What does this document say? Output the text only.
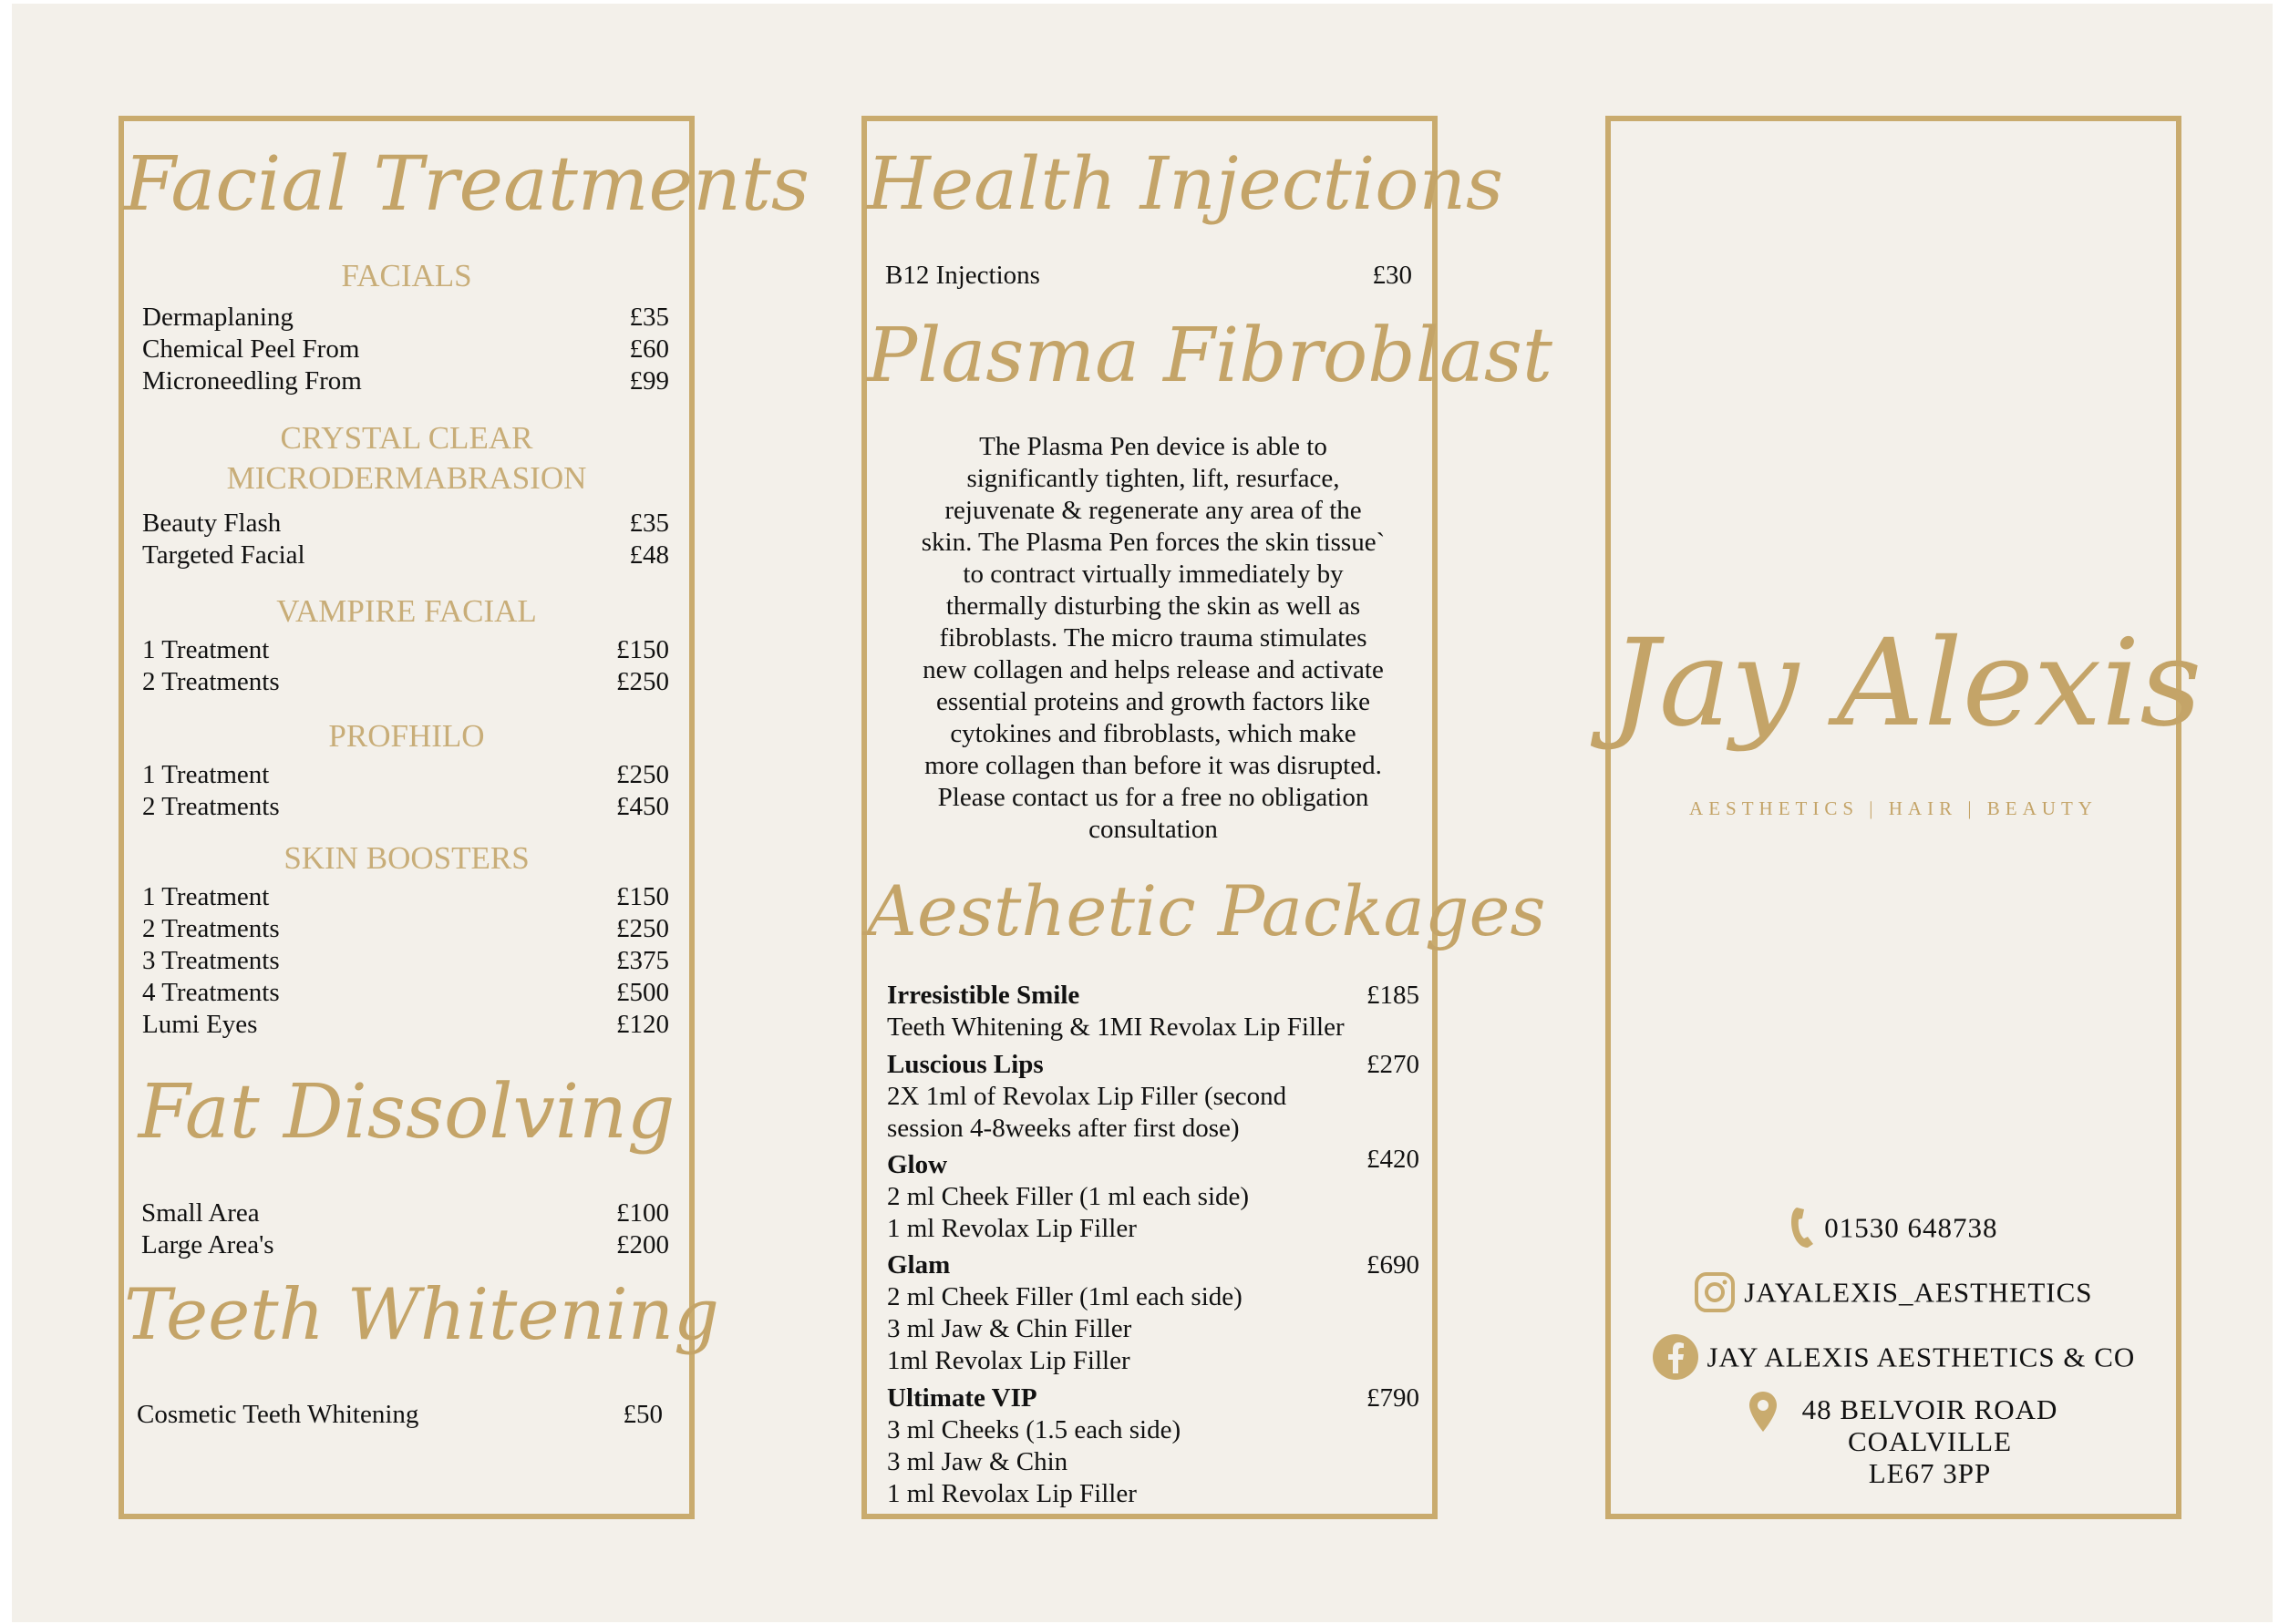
Facial Treatments
FACIALS
Dermaplaning	£35
Chemical Peel From	£60
Microneedling From	£99
CRYSTAL CLEAR
MICRODERMABRASION
Beauty Flash	£35
Targeted Facial	£48
VAMPIRE FACIAL
1 Treatment	£150
2 Treatments	£250
PROFHILO
1 Treatment	£250
2 Treatments	£450
SKIN BOOSTERS
1 Treatment	£150
2 Treatments	£250
3 Treatments	£375
4 Treatments	£500
Lumi Eyes	£120
Fat Dissolving
Small Area	£100
Large Area's	£200
Teeth Whitening
Cosmetic Teeth Whitening	£50
Health Injections
B12 Injections	£30
Plasma Fibroblast
The Plasma Pen device is able to
significantly tighten, lift, resurface,
rejuvenate & regenerate any area of the
skin. The Plasma Pen forces the skin tissue`
to contract virtually immediately by
thermally disturbing the skin as well as
fibroblasts. The micro trauma stimulates
new collagen and helps release and activate
essential proteins and growth factors like
cytokines and fibroblasts, which make
more collagen than before it was disrupted.
Please contact us for a free no obligation
consultation
Aesthetic Packages
Irresistible Smile	£185
Teeth Whitening & 1MI Revolax Lip Filler
Luscious Lips	£270
2X 1ml of Revolax Lip Filler (second
session 4-8weeks after first dose)
Glow	£420
2 ml Cheek Filler (1 ml each side)
1 ml Revolax Lip Filler
Glam	£690
2 ml Cheek Filler (1ml each side)
3 ml Jaw & Chin Filler
1ml Revolax Lip Filler
Ultimate VIP	£790
3 ml Cheeks (1.5 each side)
3 ml Jaw & Chin
1 ml Revolax Lip Filler
Jay Alexis
AESTHETICS | HAIR | BEAUTY
01530 648738
JAYALEXIS_AESTHETICS
JAY ALEXIS AESTHETICS & CO
48 BELVOIR ROAD
COALVILLE
LE67 3PP
